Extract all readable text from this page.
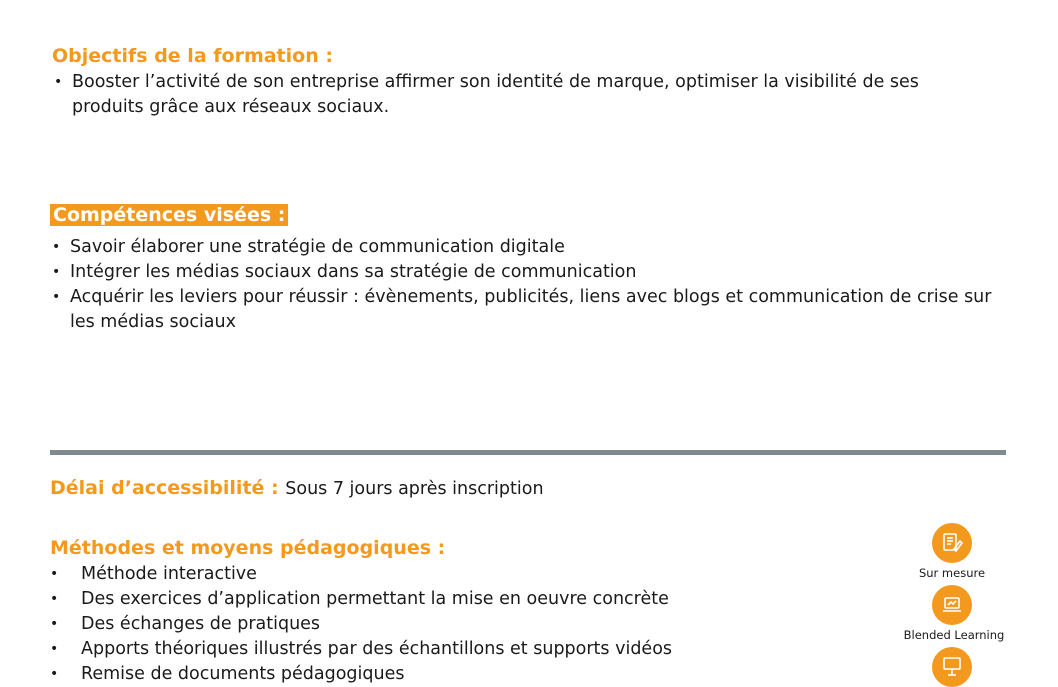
Objectifs de la formation :
• Booster l’activité de son entreprise affirmer son identité de marque, optimiser la visibilité de ses produits grâce aux réseaux sociaux.
Compétences visées :
• Savoir élaborer une stratégie de communication digitale
• Intégrer les médias sociaux dans sa stratégie de communication
• Acquérir les leviers pour réussir : évènements, publicités, liens avec blogs et communication de crise sur les médias sociaux
Délai d’accessibilité : Sous 7 jours après inscription
Méthodes et moyens pédagogiques :
• Méthode interactive
• Des exercices d’application permettant la mise en oeuvre concrète
• Des échanges de pratiques
• Apports théoriques illustrés par des échantillons et supports vidéos
• Remise de documents pédagogiques
Sur mesure
Blended Learning
